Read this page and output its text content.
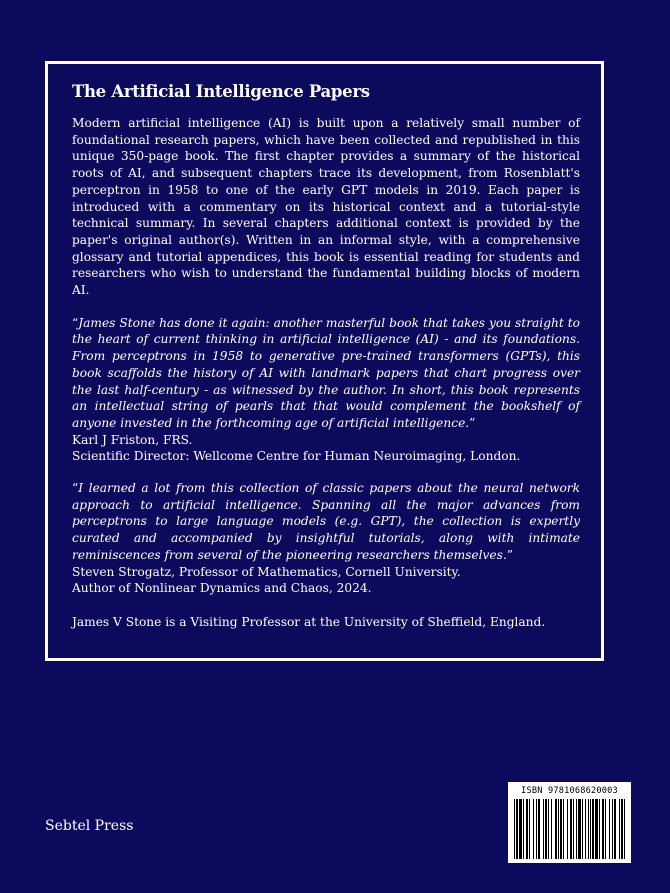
The Artificial Intelligence Papers

Modern artificial intelligence (AI) is built upon a relatively small number of foundational research papers, which have been collected and republished in this unique 350-page book. The first chapter provides a summary of the historical roots of AI, and subsequent chapters trace its development, from Rosenblatt's perceptron in 1958 to one of the early GPT models in 2019. Each paper is introduced with a commentary on its historical context and a tutorial-style technical summary. In several chapters additional context is provided by the paper's original author(s). Written in an informal style, with a comprehensive glossary and tutorial appendices, this book is essential reading for students and researchers who wish to understand the fundamental building blocks of modern AI.

“James Stone has done it again: another masterful book that takes you straight to the heart of current thinking in artificial intelligence (AI) - and its foundations. From perceptrons in 1958 to generative pre-trained transformers (GPTs), this book scaffolds the history of AI with landmark papers that chart progress over the last half-century - as witnessed by the author. In short, this book represents an intellectual string of pearls that that would complement the bookshelf of anyone invested in the forthcoming age of artificial intelligence.”

Karl J Friston, FRS.

Scientific Director: Wellcome Centre for Human Neuroimaging, London.

“I learned a lot from this collection of classic papers about the neural network approach to artificial intelligence. Spanning all the major advances from perceptrons to large language models (e.g. GPT), the collection is expertly curated and accompanied by insightful tutorials, along with intimate reminiscences from several of the pioneering researchers themselves.”

Steven Strogatz, Professor of Mathematics, Cornell University.

Author of Nonlinear Dynamics and Chaos, 2024.

James V Stone is a Visiting Professor at the University of Sheffield, England.

Sebtel Press
ISBN 9781068620003
